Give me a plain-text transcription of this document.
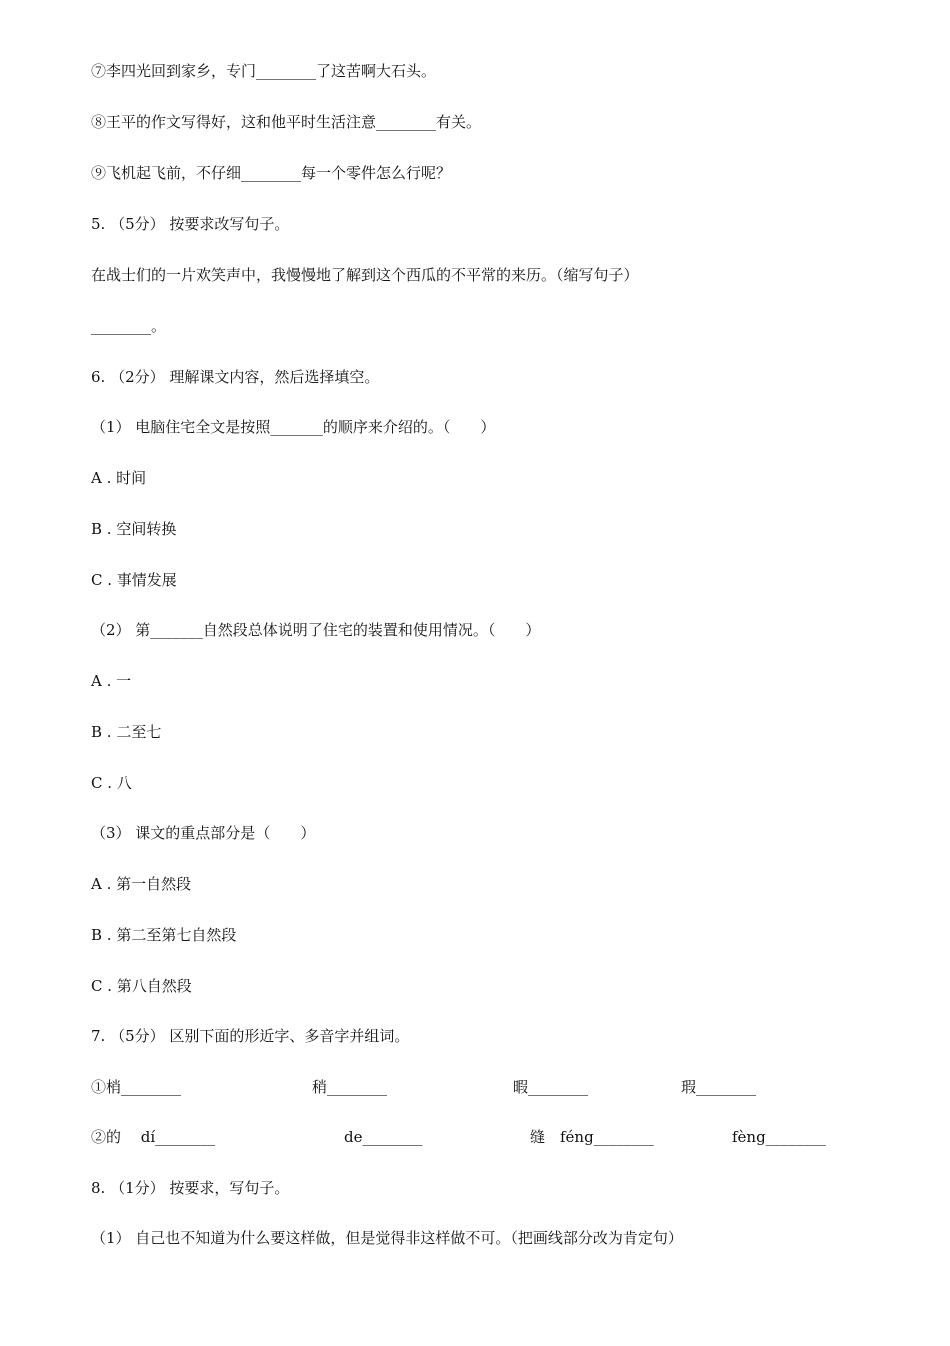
⑦李四光回到家乡，专门________了这苦啊大石头。
⑧王平的作文写得好，这和他平时生活注意________有关。
⑨飞机起飞前，不仔细________每一个零件怎么行呢？
5. （5分） 按要求改写句子。
在战士们的一片欢笑声中，我慢慢地了解到这个西瓜的不平常的来历。（缩写句子）
________。
6. （2分） 理解课文内容，然后选择填空。
（1） 电脑住宅全文是按照_______的顺序来介绍的。（　　）
A . 时间
B . 空间转换
C . 事情发展
（2） 第_______自然段总体说明了住宅的装置和使用情况。（　　）
A . 一
B . 二至七
C . 八
（3） 课文的重点部分是（　　）
A . 第一自然段
B . 第二至第七自然段
C . 第八自然段
7. （5分） 区别下面的形近字、多音字并组词。
①梢________	稍________	暇________	瑕________
②的　 dí________	de________	缝　féng________	fèng________
8. （1分） 按要求，写句子。
（1） 自己也不知道为什么要这样做，但是觉得非这样做不可。（把画线部分改为肯定句）
